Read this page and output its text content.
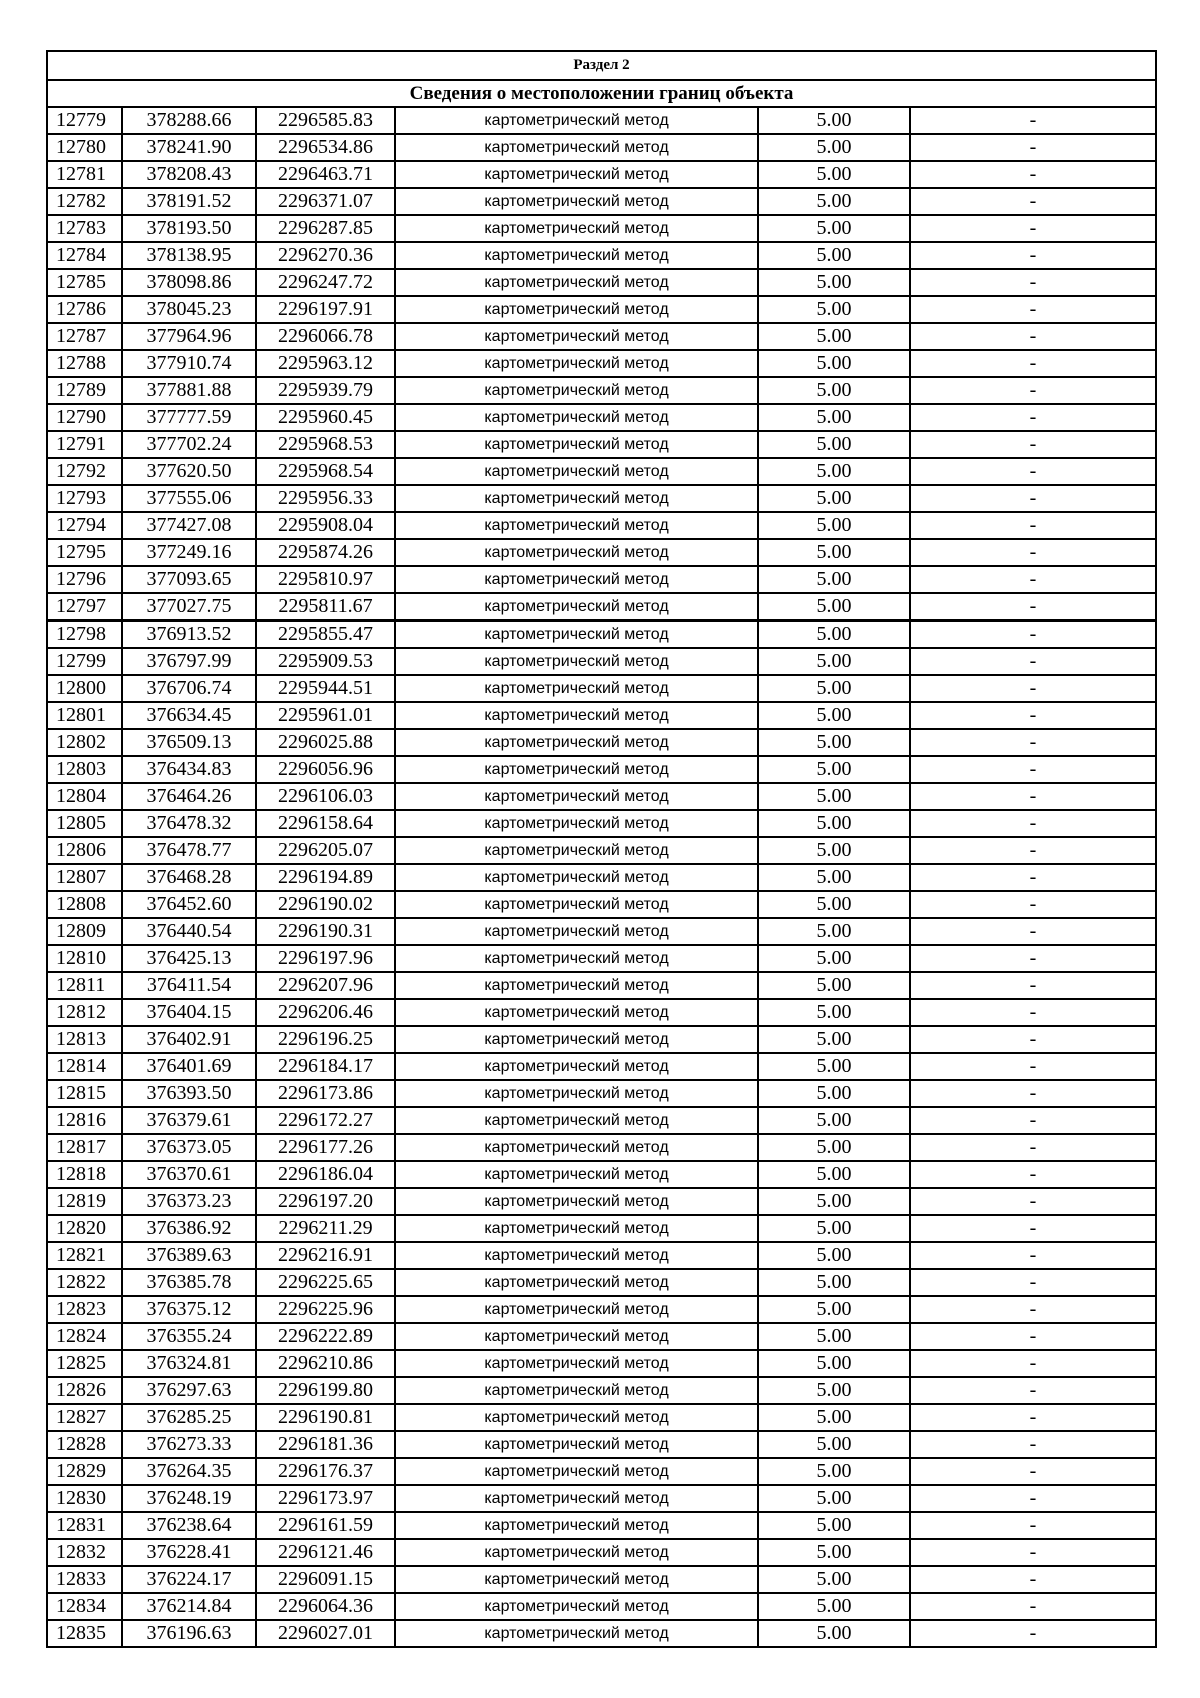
Раздел 2					
Сведения о местоположении границ объекта					
12779	378288.66	2296585.83	картометрический метод	5.00	-
12780	378241.90	2296534.86	картометрический метод	5.00	-
12781	378208.43	2296463.71	картометрический метод	5.00	-
12782	378191.52	2296371.07	картометрический метод	5.00	-
12783	378193.50	2296287.85	картометрический метод	5.00	-
12784	378138.95	2296270.36	картометрический метод	5.00	-
12785	378098.86	2296247.72	картометрический метод	5.00	-
12786	378045.23	2296197.91	картометрический метод	5.00	-
12787	377964.96	2296066.78	картометрический метод	5.00	-
12788	377910.74	2295963.12	картометрический метод	5.00	-
12789	377881.88	2295939.79	картометрический метод	5.00	-
12790	377777.59	2295960.45	картометрический метод	5.00	-
12791	377702.24	2295968.53	картометрический метод	5.00	-
12792	377620.50	2295968.54	картометрический метод	5.00	-
12793	377555.06	2295956.33	картометрический метод	5.00	-
12794	377427.08	2295908.04	картометрический метод	5.00	-
12795	377249.16	2295874.26	картометрический метод	5.00	-
12796	377093.65	2295810.97	картометрический метод	5.00	-
12797	377027.75	2295811.67	картометрический метод	5.00	-
12798	376913.52	2295855.47	картометрический метод	5.00	-
12799	376797.99	2295909.53	картометрический метод	5.00	-
12800	376706.74	2295944.51	картометрический метод	5.00	-
12801	376634.45	2295961.01	картометрический метод	5.00	-
12802	376509.13	2296025.88	картометрический метод	5.00	-
12803	376434.83	2296056.96	картометрический метод	5.00	-
12804	376464.26	2296106.03	картометрический метод	5.00	-
12805	376478.32	2296158.64	картометрический метод	5.00	-
12806	376478.77	2296205.07	картометрический метод	5.00	-
12807	376468.28	2296194.89	картометрический метод	5.00	-
12808	376452.60	2296190.02	картометрический метод	5.00	-
12809	376440.54	2296190.31	картометрический метод	5.00	-
12810	376425.13	2296197.96	картометрический метод	5.00	-
12811	376411.54	2296207.96	картометрический метод	5.00	-
12812	376404.15	2296206.46	картометрический метод	5.00	-
12813	376402.91	2296196.25	картометрический метод	5.00	-
12814	376401.69	2296184.17	картометрический метод	5.00	-
12815	376393.50	2296173.86	картометрический метод	5.00	-
12816	376379.61	2296172.27	картометрический метод	5.00	-
12817	376373.05	2296177.26	картометрический метод	5.00	-
12818	376370.61	2296186.04	картометрический метод	5.00	-
12819	376373.23	2296197.20	картометрический метод	5.00	-
12820	376386.92	2296211.29	картометрический метод	5.00	-
12821	376389.63	2296216.91	картометрический метод	5.00	-
12822	376385.78	2296225.65	картометрический метод	5.00	-
12823	376375.12	2296225.96	картометрический метод	5.00	-
12824	376355.24	2296222.89	картометрический метод	5.00	-
12825	376324.81	2296210.86	картометрический метод	5.00	-
12826	376297.63	2296199.80	картометрический метод	5.00	-
12827	376285.25	2296190.81	картометрический метод	5.00	-
12828	376273.33	2296181.36	картометрический метод	5.00	-
12829	376264.35	2296176.37	картометрический метод	5.00	-
12830	376248.19	2296173.97	картометрический метод	5.00	-
12831	376238.64	2296161.59	картометрический метод	5.00	-
12832	376228.41	2296121.46	картометрический метод	5.00	-
12833	376224.17	2296091.15	картометрический метод	5.00	-
12834	376214.84	2296064.36	картометрический метод	5.00	-
12835	376196.63	2296027.01	картометрический метод	5.00	-
